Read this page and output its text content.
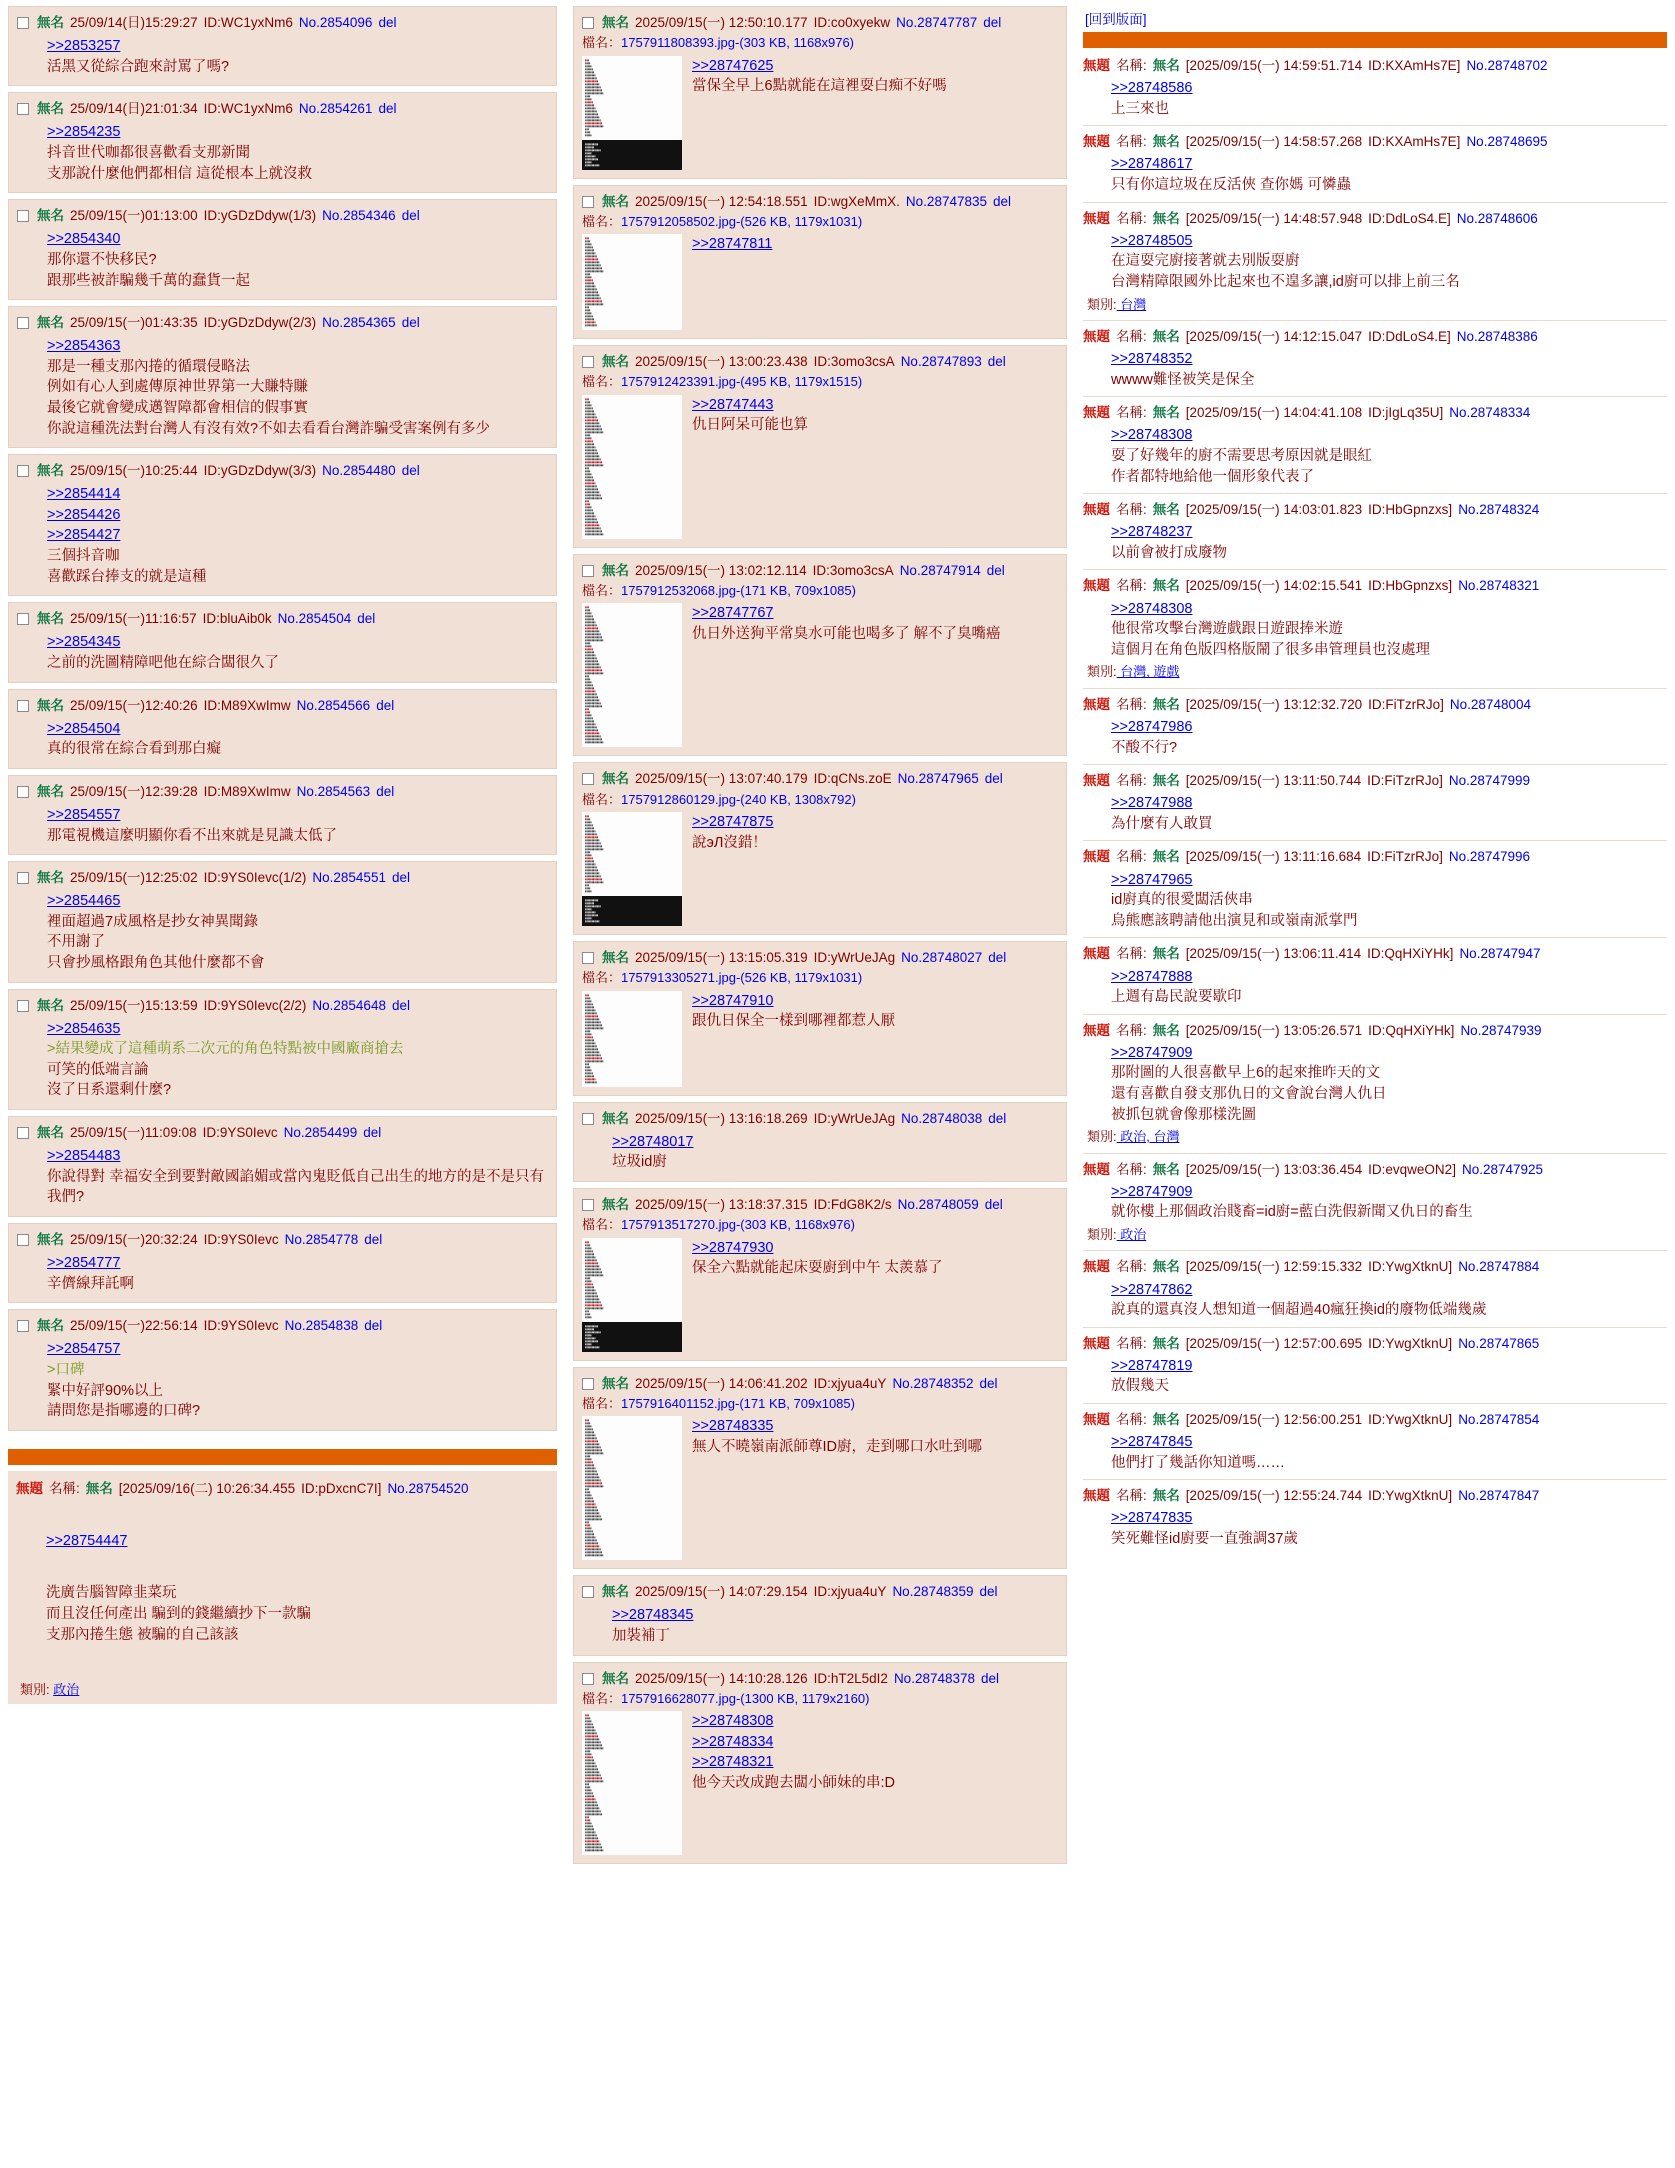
無名 25/09/14(日)15:29:27 ID:WC1yxNm6 No.2854096 del
>>2853257
活黑又從綜合跑來討罵了嗎?
無名 25/09/14(日)21:01:34 ID:WC1yxNm6 No.2854261 del
>>2854235
抖音世代咖都很喜歡看支那新聞
支那說什麼他們都相信 這從根本上就沒救
無名 25/09/15(一)01:13:00 ID:yGDzDdyw(1/3) No.2854346 del
>>2854340
那你還不快移民?
跟那些被詐騙幾千萬的蠢貨一起
無名 25/09/15(一)01:43:35 ID:yGDzDdyw(2/3) No.2854365 del
>>2854363
那是一種支那內捲的循環侵略法
例如有心人到處傳原神世界第一大賺特賺
最後它就會變成邁智障都會相信的假事實
你說這種洗法對台灣人有沒有效?不如去看看台灣詐騙受害案例有多少
無名 25/09/15(一)10:25:44 ID:yGDzDdyw(3/3) No.2854480 del
>>2854414
>>2854426
>>2854427
三個抖音咖
喜歡踩台捧支的就是這種
無名 25/09/15(一)11:16:57 ID:bluAib0k No.2854504 del
>>2854345
之前的洗圖精障吧他在綜合闆很久了
無名 25/09/15(一)12:40:26 ID:M89XwImw No.2854566 del
>>2854504
真的很常在綜合看到那白癡
無名 25/09/15(一)12:39:28 ID:M89XwImw No.2854563 del
>>2854557
那電視機這麼明顯你看不出來就是見識太低了
無名 25/09/15(一)12:25:02 ID:9YS0Ievc(1/2) No.2854551 del
>>2854465
裡面超過7成風格是抄女神異聞錄
不用謝了
只會抄風格跟角色其他什麼都不會
無名 25/09/15(一)15:13:59 ID:9YS0Ievc(2/2) No.2854648 del
>>2854635
>結果變成了這種萌系二次元的角色特點被中國廠商搶去
可笑的低端言論
沒了日系還剩什麼?
無名 25/09/15(一)11:09:08 ID:9YS0Ievc No.2854499 del
>>2854483
你說得對 幸福安全到要對敵國諂媚或當內鬼貶低自己出生的地方的是不是只有我們?
無名 25/09/15(一)20:32:24 ID:9YS0Ievc No.2854778 del
>>2854777
辛儕線拜託啊
無名 25/09/15(一)22:56:14 ID:9YS0Ievc No.2854838 del
>>2854757
>口碑
緊中好評90%以上
請問您是指哪邊的口碑?
無題 名稱: 無名 [2025/09/16(二) 10:26:34.455 ID:pDxcnC7I] No.28754520

>>28754447

洗廣告腦智障韭菜玩
而且沒任何產出 騙到的錢繼續抄下一款騙
支那內捲生態 被騙的自己該該

類別: 政治
無名 2025/09/15(一) 12:50:10.177 ID:co0xyekw No.28747787 del
檔名：1757911808393.jpg-(303 KB, 1168x976)
▮▮▮
▮▮▮▮
▮▮▮▮▮
▮▮▮▮▮▮
▮▮▮▮▮▮▮
▮▮▮▮▮▮▮▮
▮▮▮▮▮▮▮▮▮
▮▮▮▮▮▮▮▮▮▮
▮▮▮▮▮▮▮▮▮▮▮
▮▮▮▮▮▮▮▮▮▮▮▮
▮▮▮▮▮▮▮▮▮▮▮▮▮
▮▮▮▮▮▮▮▮▮▮▮▮▮▮
▮▮▮▮
▮▮▮▮▮
▮▮▮▮▮▮
▮▮▮▮▮▮▮
▮▮▮▮▮▮▮▮
▮▮▮▮▮▮▮▮▮
▮▮▮▮▮▮▮▮▮▮
▮▮▮▮▮▮▮▮▮▮▮
▮▮▮▮▮▮▮▮▮▮▮▮
▮▮▮▮▮▮▮▮▮▮▮▮▮
▮▮▮▮▮▮▮▮▮▮▮▮▮▮
▮▮▮
▮▮▮▮
▮▮▮▮▮
▮▮▮▮▮▮▮▮▮▮
▮▮▮▮▮▮▮
▮▮▮▮▮▮▮▮▮▮▮▮
▮▮▮▮▮
▮▮▮▮▮▮▮▮
▮▮▮▮▮▮▮▮▮▮
▮▮▮▮▮
▮▮▮▮▮▮▮▮▮▮▮
>>28747625
當保全早上6點就能在這裡耍白痴不好嗎
無名 2025/09/15(一) 12:54:18.551 ID:wgXeMmX. No.28747835 del
檔名：1757912058502.jpg-(526 KB, 1179x1031)
▮▮▮
▮▮▮▮
▮▮▮▮▮
▮▮▮▮▮▮
▮▮▮▮▮▮▮
▮▮▮▮▮▮▮▮
▮▮▮▮▮▮▮▮▮
▮▮▮▮▮▮▮▮▮▮
▮▮▮▮▮▮▮▮▮▮▮
▮▮▮▮▮▮▮▮▮▮▮▮
▮▮▮▮▮▮▮▮▮▮▮▮▮
▮▮▮▮▮▮▮▮▮▮▮▮▮▮
▮▮▮▮
▮▮▮▮▮
▮▮▮▮▮▮
▮▮▮▮▮▮▮
▮▮▮▮▮▮▮▮
▮▮▮▮▮▮▮▮▮
▮▮▮▮▮▮▮▮▮▮
▮▮▮▮▮▮▮▮▮▮▮
▮▮▮▮▮▮▮▮▮▮▮▮
▮▮▮▮▮▮▮▮▮▮▮▮▮
▮▮▮▮▮▮▮▮▮▮▮▮▮▮
▮▮▮
▮▮▮▮
▮▮▮▮▮
▮▮▮▮▮▮
▮▮▮▮▮▮▮
▮▮▮▮▮▮▮▮
▮▮▮▮▮▮▮▮▮
>>28747811
無名 2025/09/15(一) 13:00:23.438 ID:3omo3csA No.28747893 del
檔名：1757912423391.jpg-(495 KB, 1179x1515)
▮▮▮
▮▮▮▮
▮▮▮▮▮
▮▮▮▮▮▮
▮▮▮▮▮▮▮
▮▮▮▮▮▮▮▮
▮▮▮▮▮▮▮▮▮
▮▮▮▮▮▮▮▮▮▮
▮▮▮▮▮▮▮▮▮▮▮
▮▮▮▮▮▮▮▮▮▮▮▮
▮▮▮▮▮▮▮▮▮▮▮▮▮
▮▮▮▮▮▮▮▮▮▮▮▮▮▮
▮▮▮▮
▮▮▮▮▮
▮▮▮▮▮▮
▮▮▮▮▮▮▮
▮▮▮▮▮▮▮▮
▮▮▮▮▮▮▮▮▮
▮▮▮▮▮▮▮▮▮▮
▮▮▮▮▮▮▮▮▮▮▮
▮▮▮▮▮▮▮▮▮▮▮▮
▮▮▮▮▮▮▮▮▮▮▮▮▮
▮▮▮▮▮▮▮▮▮▮▮▮▮▮
▮▮▮
▮▮▮▮
▮▮▮▮▮
▮▮▮▮▮▮
▮▮▮▮▮▮▮
▮▮▮▮▮▮▮▮
▮▮▮▮▮▮▮▮▮
▮▮▮▮▮▮▮▮▮▮
▮▮▮▮▮▮▮▮▮▮▮
▮▮▮▮▮▮▮▮▮▮▮▮
▮▮▮▮▮▮▮▮▮▮▮▮▮
▮▮▮
▮▮▮▮
▮▮▮▮▮
▮▮▮▮▮▮
▮▮▮▮▮▮▮
▮▮▮▮▮▮▮▮
▮▮▮▮▮▮▮▮▮
▮▮▮▮▮▮▮▮▮▮
▮▮▮▮▮▮▮▮▮▮▮
▮▮▮▮▮▮▮▮▮▮▮▮
▮▮▮▮▮▮▮▮▮▮▮▮▮
▮▮▮▮▮▮▮▮▮▮▮▮▮▮
>>28747443
仇日阿呆可能也算
無名 2025/09/15(一) 13:02:12.114 ID:3omo3csA No.28747914 del
檔名：1757912532068.jpg-(171 KB, 709x1085)
▮▮▮
▮▮▮▮
▮▮▮▮▮
▮▮▮▮▮▮
▮▮▮▮▮▮▮
▮▮▮▮▮▮▮▮
▮▮▮▮▮▮▮▮▮
▮▮▮▮▮▮▮▮▮▮
▮▮▮▮▮▮▮▮▮▮▮
▮▮▮▮▮▮▮▮▮▮▮▮
▮▮▮▮▮▮▮▮▮▮▮▮▮
▮▮▮▮▮▮▮▮▮▮▮▮▮▮
▮▮▮▮
▮▮▮▮▮
▮▮▮▮▮▮
▮▮▮▮▮▮▮
▮▮▮▮▮▮▮▮
▮▮▮▮▮▮▮▮▮
▮▮▮▮▮▮▮▮▮▮
▮▮▮▮▮▮▮▮▮▮▮
▮▮▮▮▮▮▮▮▮▮▮▮
▮▮▮▮▮▮▮▮▮▮▮▮▮
▮▮▮▮▮▮▮▮▮▮▮▮▮▮
▮▮▮
▮▮▮▮
▮▮▮▮▮
▮▮▮▮▮▮
▮▮▮▮▮▮▮
▮▮▮▮▮▮▮▮
▮▮▮▮▮▮▮▮▮
▮▮▮▮▮▮▮▮▮▮
▮▮▮▮▮▮▮▮▮▮▮
▮▮▮▮▮▮▮▮▮▮▮▮
▮▮▮▮▮▮▮▮▮▮▮▮▮
▮▮▮
▮▮▮▮
▮▮▮▮▮
▮▮▮▮▮▮
▮▮▮▮▮▮▮
▮▮▮▮▮▮▮▮
▮▮▮▮▮▮▮▮▮
▮▮▮▮▮▮▮▮▮▮
▮▮▮▮▮▮▮▮▮▮▮
▮▮▮▮▮▮▮▮▮▮▮▮
▮▮▮▮▮▮▮▮▮▮▮▮▮
▮▮▮▮▮▮▮▮▮▮▮▮▮▮
>>28747767
仇日外送狗平常臭水可能也喝多了 解不了臭嘴癌
無名 2025/09/15(一) 13:07:40.179 ID:qCNs.zoE No.28747965 del
檔名：1757912860129.jpg-(240 KB, 1308x792)
▮▮▮
▮▮▮▮
▮▮▮▮▮
▮▮▮▮▮▮
▮▮▮▮▮▮▮
▮▮▮▮▮▮▮▮
▮▮▮▮▮▮▮▮▮
▮▮▮▮▮▮▮▮▮▮
▮▮▮▮▮▮▮▮▮▮▮
▮▮▮▮▮▮▮▮▮▮▮▮
▮▮▮▮▮▮▮▮▮▮▮▮▮
▮▮▮▮▮▮▮▮▮▮▮▮▮▮
▮▮▮▮
▮▮▮▮▮
▮▮▮▮▮▮
▮▮▮▮▮▮▮
▮▮▮▮▮▮▮▮
▮▮▮▮▮▮▮▮▮
▮▮▮▮▮▮▮▮▮▮
▮▮▮▮▮▮▮▮▮▮▮
▮▮▮▮▮▮▮▮▮▮▮▮
▮▮▮▮▮▮▮▮▮▮▮▮▮
▮▮▮▮▮▮▮▮▮▮▮▮▮▮
▮▮▮
▮▮▮▮
▮▮▮▮▮
▮▮▮▮▮▮▮▮▮▮
▮▮▮▮▮▮▮
▮▮▮▮▮▮▮▮▮▮▮▮
▮▮▮▮▮
▮▮▮▮▮▮▮▮
▮▮▮▮▮▮▮▮▮▮
▮▮▮▮▮
▮▮▮▮▮▮▮▮▮▮▮
>>28747875
說эЛ沒錯！
無名 2025/09/15(一) 13:15:05.319 ID:yWrUeJAg No.28748027 del
檔名：1757913305271.jpg-(526 KB, 1179x1031)
▮▮▮
▮▮▮▮
▮▮▮▮▮
▮▮▮▮▮▮
▮▮▮▮▮▮▮
▮▮▮▮▮▮▮▮
▮▮▮▮▮▮▮▮▮
▮▮▮▮▮▮▮▮▮▮
▮▮▮▮▮▮▮▮▮▮▮
▮▮▮▮▮▮▮▮▮▮▮▮
▮▮▮▮▮▮▮▮▮▮▮▮▮
▮▮▮▮▮▮▮▮▮▮▮▮▮▮
▮▮▮▮
▮▮▮▮▮
▮▮▮▮▮▮
▮▮▮▮▮▮▮
▮▮▮▮▮▮▮▮
▮▮▮▮▮▮▮▮▮
▮▮▮▮▮▮▮▮▮▮
▮▮▮▮▮▮▮▮▮▮▮
▮▮▮▮▮▮▮▮▮▮▮▮
▮▮▮▮▮▮▮▮▮▮▮▮▮
▮▮▮▮▮▮▮▮▮▮▮▮▮▮
▮▮▮
▮▮▮▮
▮▮▮▮▮
▮▮▮▮▮▮
▮▮▮▮▮▮▮
▮▮▮▮▮▮▮▮
▮▮▮▮▮▮▮▮▮
>>28747910
跟仇日保全一樣到哪裡都惹人厭
無名 2025/09/15(一) 13:16:18.269 ID:yWrUeJAg No.28748038 del
>>28748017
垃圾id廚
無名 2025/09/15(一) 13:18:37.315 ID:FdG8K2/s No.28748059 del
檔名：1757913517270.jpg-(303 KB, 1168x976)
▮▮▮
▮▮▮▮
▮▮▮▮▮
▮▮▮▮▮▮
▮▮▮▮▮▮▮
▮▮▮▮▮▮▮▮
▮▮▮▮▮▮▮▮▮
▮▮▮▮▮▮▮▮▮▮
▮▮▮▮▮▮▮▮▮▮▮
▮▮▮▮▮▮▮▮▮▮▮▮
▮▮▮▮▮▮▮▮▮▮▮▮▮
▮▮▮▮▮▮▮▮▮▮▮▮▮▮
▮▮▮▮
▮▮▮▮▮
▮▮▮▮▮▮
▮▮▮▮▮▮▮
▮▮▮▮▮▮▮▮
▮▮▮▮▮▮▮▮▮
▮▮▮▮▮▮▮▮▮▮
▮▮▮▮▮▮▮▮▮▮▮
▮▮▮▮▮▮▮▮▮▮▮▮
▮▮▮▮▮▮▮▮▮▮▮▮▮
▮▮▮▮▮▮▮▮▮▮▮▮▮▮
▮▮▮
▮▮▮▮
▮▮▮▮▮
▮▮▮▮▮▮▮▮▮▮
▮▮▮▮▮▮▮
▮▮▮▮▮▮▮▮▮▮▮▮
▮▮▮▮▮
▮▮▮▮▮▮▮▮
▮▮▮▮▮▮▮▮▮▮
▮▮▮▮▮
▮▮▮▮▮▮▮▮▮▮▮
>>28747930
保全六點就能起床耍廚到中午 太羨慕了
無名 2025/09/15(一) 14:06:41.202 ID:xjyua4uY No.28748352 del
檔名：1757916401152.jpg-(171 KB, 709x1085)
▮▮▮
▮▮▮▮
▮▮▮▮▮
▮▮▮▮▮▮
▮▮▮▮▮▮▮
▮▮▮▮▮▮▮▮
▮▮▮▮▮▮▮▮▮
▮▮▮▮▮▮▮▮▮▮
▮▮▮▮▮▮▮▮▮▮▮
▮▮▮▮▮▮▮▮▮▮▮▮
▮▮▮▮▮▮▮▮▮▮▮▮▮
▮▮▮▮▮▮▮▮▮▮▮▮▮▮
▮▮▮▮
▮▮▮▮▮
▮▮▮▮▮▮
▮▮▮▮▮▮▮
▮▮▮▮▮▮▮▮
▮▮▮▮▮▮▮▮▮
▮▮▮▮▮▮▮▮▮▮
▮▮▮▮▮▮▮▮▮▮▮
▮▮▮▮▮▮▮▮▮▮▮▮
▮▮▮▮▮▮▮▮▮▮▮▮▮
▮▮▮▮▮▮▮▮▮▮▮▮▮▮
▮▮▮
▮▮▮▮
▮▮▮▮▮
▮▮▮▮▮▮
▮▮▮▮▮▮▮
▮▮▮▮▮▮▮▮
▮▮▮▮▮▮▮▮▮
▮▮▮▮▮▮▮▮▮▮
▮▮▮▮▮▮▮▮▮▮▮
▮▮▮▮▮▮▮▮▮▮▮▮
▮▮▮▮▮▮▮▮▮▮▮▮▮
▮▮▮
▮▮▮▮
▮▮▮▮▮
▮▮▮▮▮▮
▮▮▮▮▮▮▮
▮▮▮▮▮▮▮▮
▮▮▮▮▮▮▮▮▮
▮▮▮▮▮▮▮▮▮▮
▮▮▮▮▮▮▮▮▮▮▮
▮▮▮▮▮▮▮▮▮▮▮▮
▮▮▮▮▮▮▮▮▮▮▮▮▮
▮▮▮▮▮▮▮▮▮▮▮▮▮▮
>>28748335
無人不曉嶺南派師尊ID廚，走到哪口水吐到哪
無名 2025/09/15(一) 14:07:29.154 ID:xjyua4uY No.28748359 del
>>28748345
加裝補丁
無名 2025/09/15(一) 14:10:28.126 ID:hT2L5dI2 No.28748378 del
檔名：1757916628077.jpg-(1300 KB, 1179x2160)
▮▮▮
▮▮▮▮
▮▮▮▮▮
▮▮▮▮▮▮
▮▮▮▮▮▮▮
▮▮▮▮▮▮▮▮
▮▮▮▮▮▮▮▮▮
▮▮▮▮▮▮▮▮▮▮
▮▮▮▮▮▮▮▮▮▮▮
▮▮▮▮▮▮▮▮▮▮▮▮
▮▮▮▮▮▮▮▮▮▮▮▮▮
▮▮▮▮▮▮▮▮▮▮▮▮▮▮
▮▮▮▮
▮▮▮▮▮
▮▮▮▮▮▮
▮▮▮▮▮▮▮
▮▮▮▮▮▮▮▮
▮▮▮▮▮▮▮▮▮
▮▮▮▮▮▮▮▮▮▮
▮▮▮▮▮▮▮▮▮▮▮
▮▮▮▮▮▮▮▮▮▮▮▮
▮▮▮▮▮▮▮▮▮▮▮▮▮
▮▮▮▮▮▮▮▮▮▮▮▮▮▮
▮▮▮
▮▮▮▮
▮▮▮▮▮
▮▮▮▮▮▮
▮▮▮▮▮▮▮
▮▮▮▮▮▮▮▮
▮▮▮▮▮▮▮▮▮
▮▮▮▮▮▮▮▮▮▮
▮▮▮▮▮▮▮▮▮▮▮
▮▮▮▮▮▮▮▮▮▮▮▮
▮▮▮▮▮▮▮▮▮▮▮▮▮
▮▮▮
▮▮▮▮
▮▮▮▮▮
▮▮▮▮▮▮
▮▮▮▮▮▮▮
▮▮▮▮▮▮▮▮
▮▮▮▮▮▮▮▮▮
▮▮▮▮▮▮▮▮▮▮
▮▮▮▮▮▮▮▮▮▮▮
▮▮▮▮▮▮▮▮▮▮▮▮
▮▮▮▮▮▮▮▮▮▮▮▮▮
▮▮▮▮▮▮▮▮▮▮▮▮▮▮
>>28748308
>>28748334
>>28748321
他今天改成跑去闆小師妹的串:D
[回到版面]
無題 名稱: 無名 [2025/09/15(一) 14:59:51.714 ID:KXAmHs7E] No.28748702
>>28748586
上三來也
無題 名稱: 無名 [2025/09/15(一) 14:58:57.268 ID:KXAmHs7E] No.28748695
>>28748617
只有你這垃圾在反活俠 查你媽 可憐蟲
無題 名稱: 無名 [2025/09/15(一) 14:48:57.948 ID:DdLoS4.E] No.28748606
>>28748505
在這耍完廚接著就去別版耍廚
台灣精障限國外比起來也不遑多讓,id廚可以排上前三名
類別: 台灣
無題 名稱: 無名 [2025/09/15(一) 14:12:15.047 ID:DdLoS4.E] No.28748386
>>28748352
wwww難怪被笑是保全
無題 名稱: 無名 [2025/09/15(一) 14:04:41.108 ID:jIgLq35U] No.28748334
>>28748308
耍了好幾年的廚不需要思考原因就是眼紅
作者都特地給他一個形象代表了
無題 名稱: 無名 [2025/09/15(一) 14:03:01.823 ID:HbGpnzxs] No.28748324
>>28748237
以前會被打成廢物
無題 名稱: 無名 [2025/09/15(一) 14:02:15.541 ID:HbGpnzxs] No.28748321
>>28748308
他很常攻擊台灣遊戲跟日遊跟捧米遊
這個月在角色版四格版鬧了很多串管理員也沒處理
類別: 台灣, 遊戲
無題 名稱: 無名 [2025/09/15(一) 13:12:32.720 ID:FiTzrRJo] No.28748004
>>28747986
不酸不行?
無題 名稱: 無名 [2025/09/15(一) 13:11:50.744 ID:FiTzrRJo] No.28747999
>>28747988
為什麼有人敢買
無題 名稱: 無名 [2025/09/15(一) 13:11:16.684 ID:FiTzrRJo] No.28747996
>>28747965
id廚真的很愛闆活俠串
烏熊應該聘請他出演見和或嶺南派掌門
無題 名稱: 無名 [2025/09/15(一) 13:06:11.414 ID:QqHXiYHk] No.28747947
>>28747888
上週有島民說要歇印
無題 名稱: 無名 [2025/09/15(一) 13:05:26.571 ID:QqHXiYHk] No.28747939
>>28747909
那附圖的人很喜歡早上6的起來推昨天的文
還有喜歡自發支那仇日的文會說台灣人仇日
被抓包就會像那樣洗圖
類別: 政治, 台灣
無題 名稱: 無名 [2025/09/15(一) 13:03:36.454 ID:evqweON2] No.28747925
>>28747909
就你樓上那個政治賤畜=id廚=藍白洗假新聞又仇日的畜生
類別: 政治
無題 名稱: 無名 [2025/09/15(一) 12:59:15.332 ID:YwgXtknU] No.28747884
>>28747862
說真的還真沒人想知道一個超過40瘋狂換id的廢物低端幾歲
無題 名稱: 無名 [2025/09/15(一) 12:57:00.695 ID:YwgXtknU] No.28747865
>>28747819
放假幾天
無題 名稱: 無名 [2025/09/15(一) 12:56:00.251 ID:YwgXtknU] No.28747854
>>28747845
他們打了幾話你知道嗎……
無題 名稱: 無名 [2025/09/15(一) 12:55:24.744 ID:YwgXtknU] No.28747847
>>28747835
笑死難怪id廚要一直強調37歲
